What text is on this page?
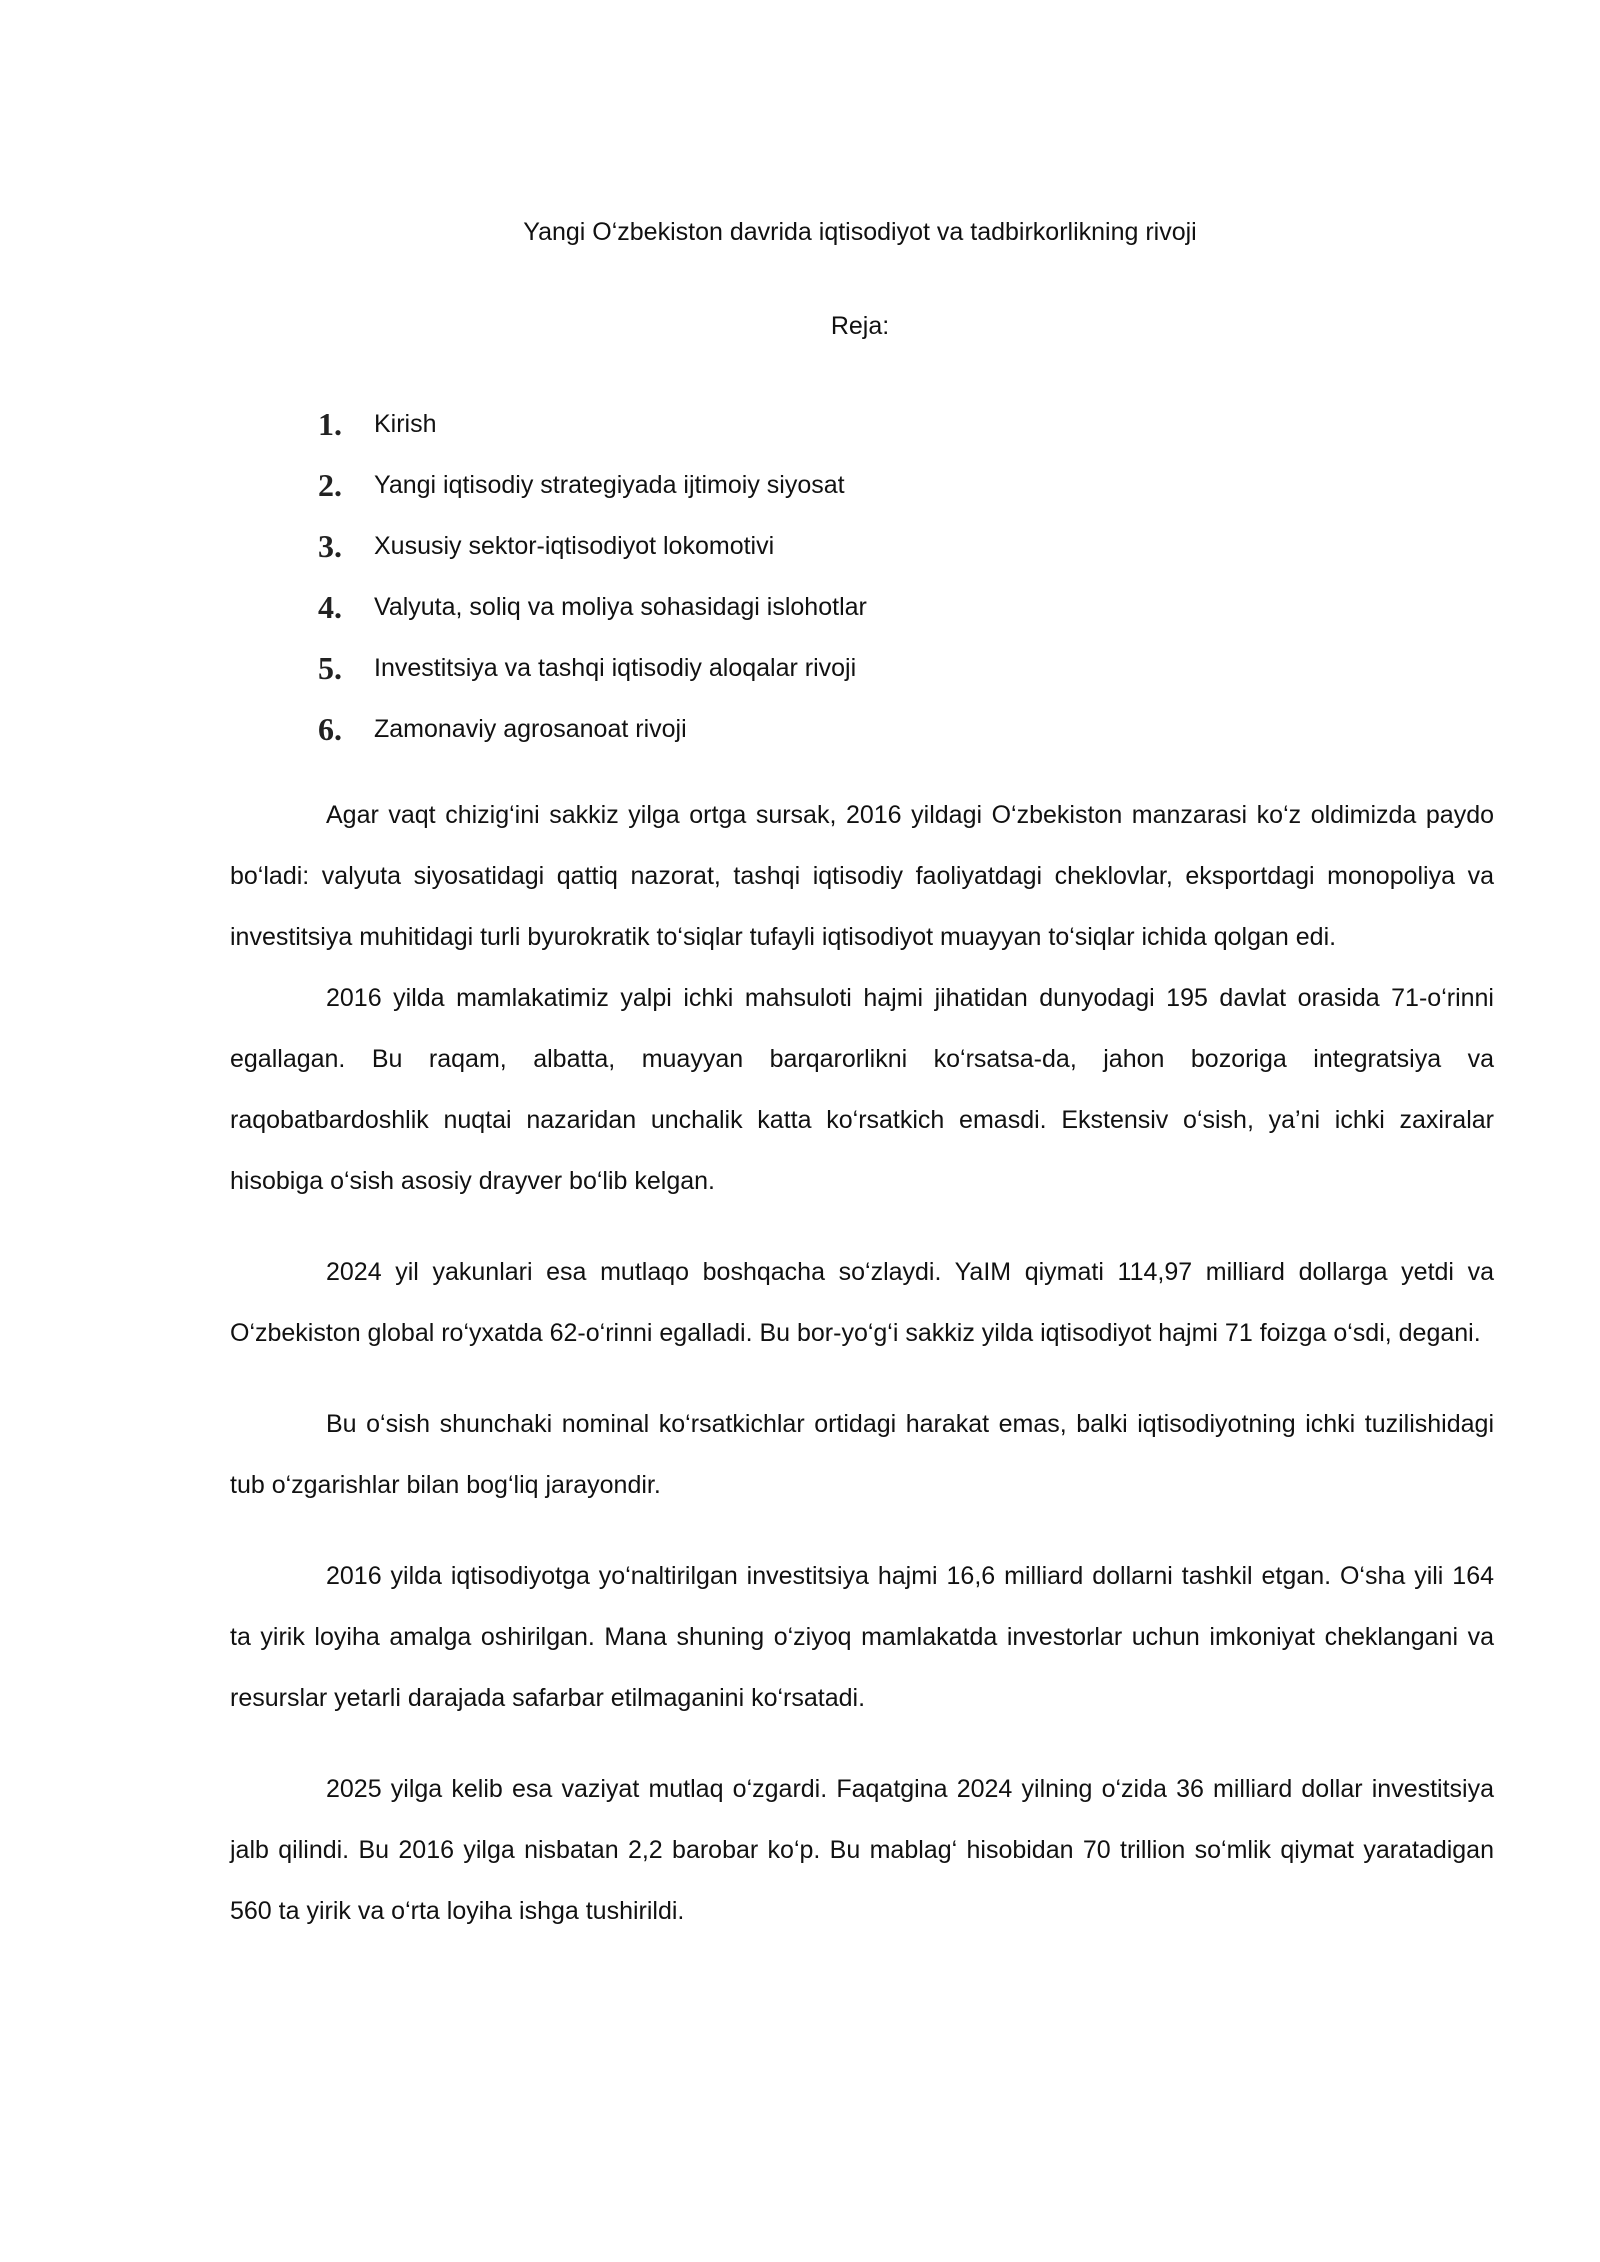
Yangi O‘zbekiston davrida iqtisodiyot va tadbirkorlikning rivoji
Reja:
1.	Kirish
2.	Yangi iqtisodiy strategiyada ijtimoiy siyosat
3.	Xususiy sektor-iqtisodiyot lokomotivi
4.	Valyuta, soliq va moliya sohasidagi islohotlar
5.	Investitsiya va tashqi iqtisodiy aloqalar rivoji
6.	Zamonaviy agrosanoat rivoji

Agar vaqt chizig‘ini sakkiz yilga ortga sursak, 2016 yildagi O‘zbekiston manzarasi ko‘z oldimizda paydo bo‘ladi: valyuta siyosatidagi qattiq nazorat, tashqi iqtisodiy faoliyatdagi cheklovlar, eksportdagi monopoliya va investitsiya muhitidagi turli byurokratik to‘siqlar tufayli iqtisodiyot muayyan to‘siqlar ichida qolgan edi.

2016 yilda mamlakatimiz yalpi ichki mahsuloti hajmi jihatidan dunyodagi 195 davlat orasida 71-o‘rinni egallagan. Bu raqam, albatta, muayyan barqarorlikni ko‘rsatsa-da, jahon bozoriga integratsiya va raqobatbardoshlik nuqtai nazaridan unchalik katta ko‘rsatkich emasdi. Ekstensiv o‘sish, ya’ni ichki zaxiralar hisobiga o‘sish asosiy drayver bo‘lib kelgan.

2024 yil yakunlari esa mutlaqo boshqacha so‘zlaydi. YaIM qiymati 114,97 milliard dollarga yetdi va O‘zbekiston global ro‘yxatda 62-o‘rinni egalladi. Bu bor-yo‘g‘i sakkiz yilda iqtisodiyot hajmi 71 foizga o‘sdi, degani.

Bu o‘sish shunchaki nominal ko‘rsatkichlar ortidagi harakat emas, balki iqtisodiyotning ichki tuzilishidagi tub o‘zgarishlar bilan bog‘liq jarayondir.

2016 yilda iqtisodiyotga yo‘naltirilgan investitsiya hajmi 16,6 milliard dollarni tashkil etgan. O‘sha yili 164 ta yirik loyiha amalga oshirilgan. Mana shuning o‘ziyoq mamlakatda investorlar uchun imkoniyat cheklangani va resurslar yetarli darajada safarbar etilmaganini ko‘rsatadi.

2025 yilga kelib esa vaziyat mutlaq o‘zgardi. Faqatgina 2024 yilning o‘zida 36 milliard dollar investitsiya jalb qilindi. Bu 2016 yilga nisbatan 2,2 barobar ko‘p. Bu mablag‘ hisobidan 70 trillion so‘mlik qiymat yaratadigan 560 ta yirik va o‘rta loyiha ishga tushirildi.
